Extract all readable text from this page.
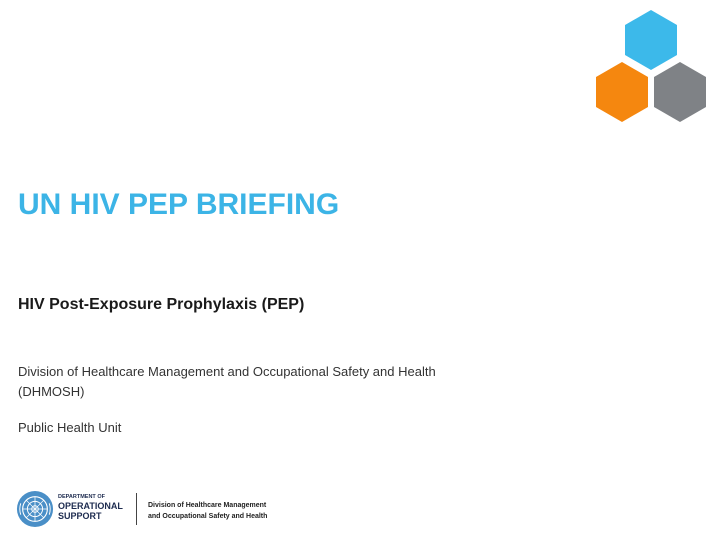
UN HIV PEP BRIEFING
HIV Post-Exposure Prophylaxis (PEP)

Division of Healthcare Management and Occupational Safety and Health (DHMOSH)

Public Health Unit

DEPARTMENT OF
OPERATIONAL
SUPPORT
Division of Healthcare Management
and Occupational Safety and Health
